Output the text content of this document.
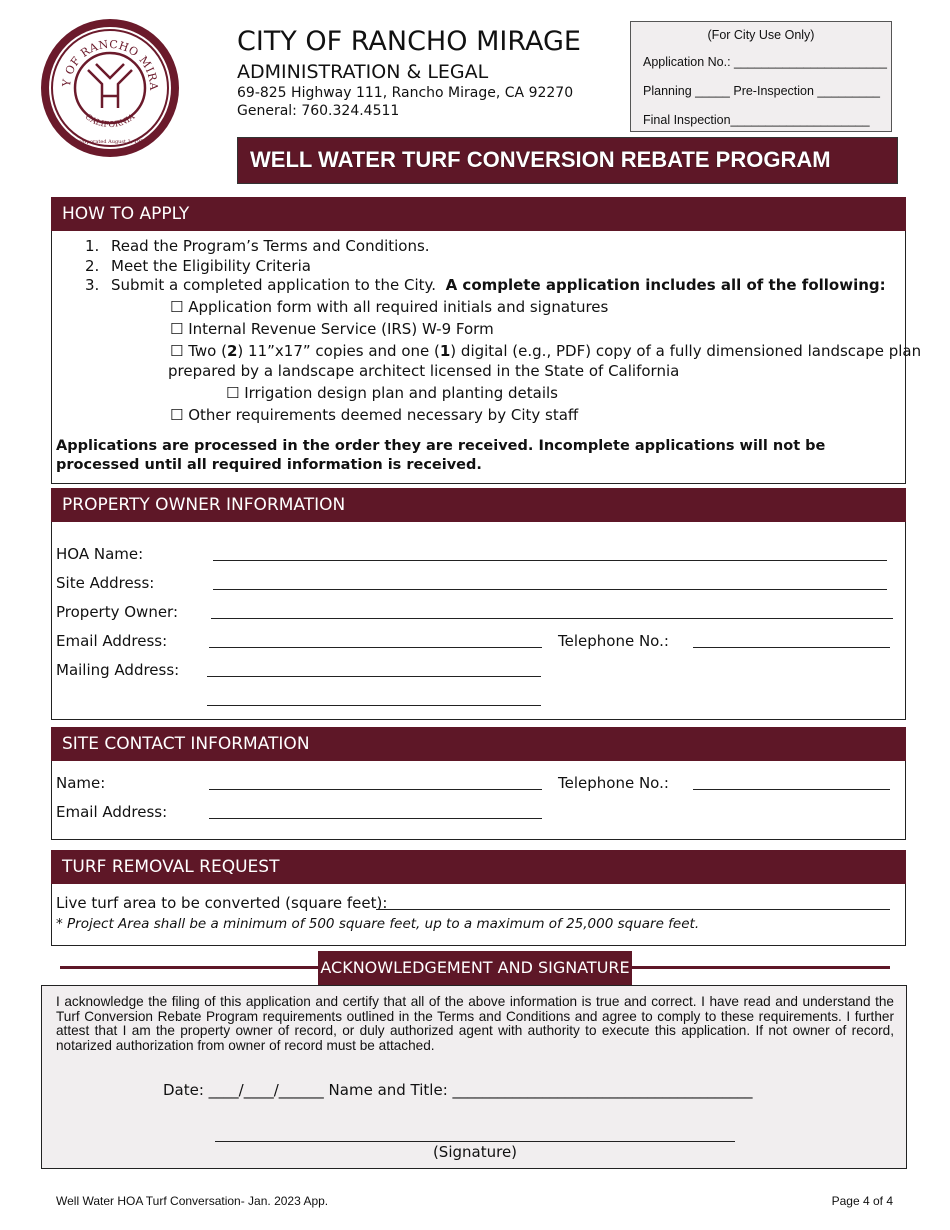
Y OF RANCHO MIRA
CALIFORNIA
Incorporated August 3, 1973
CITY OF RANCHO MIRAGE
ADMINISTRATION & LEGAL
69-825 Highway 111, Rancho Mirage, CA 92270
General: 760.324.4511
(For City Use Only)
Application No.: ______________________
Planning _____ Pre-Inspection _________
Final Inspection____________________
WELL WATER TURF CONVERSION REBATE PROGRAM
HOW TO APPLY
1. Read the Program’s Terms and Conditions.
2. Meet the Eligibility Criteria
3. Submit a completed application to the City. A complete application includes all of the following:
☐ Application form with all required initials and signatures
☐ Internal Revenue Service (IRS) W-9 Form
☐ Two (2) 11”x17” copies and one (1) digital (e.g., PDF) copy of a fully dimensioned landscape plan
prepared by a landscape architect licensed in the State of California
☐ Irrigation design plan and planting details
☐ Other requirements deemed necessary by City staff
Applications are processed in the order they are received. Incomplete applications will not be processed until all required information is received.
PROPERTY OWNER INFORMATION
HOA Name:
Site Address:
Property Owner:
Email Address:	Telephone No.:
Mailing Address:
SITE CONTACT INFORMATION
Name:	Telephone No.:
Email Address:
TURF REMOVAL REQUEST
Live turf area to be converted (square feet):
* Project Area shall be a minimum of 500 square feet, up to a maximum of 25,000 square feet.
ACKNOWLEDGEMENT AND SIGNATURE
I acknowledge the filing of this application and certify that all of the above information is true and correct. I have read and understand the Turf Conversion Rebate Program requirements outlined in the Terms and Conditions and agree to comply to these requirements. I further attest that I am the property owner of record, or duly authorized agent with authority to execute this application. If not owner of record, notarized authorization from owner of record must be attached.
Date: ____/____/______ Name and Title: ________________________________________
(Signature)
Well Water HOA Turf Conversation- Jan. 2023 App.	Page 4 of 4
